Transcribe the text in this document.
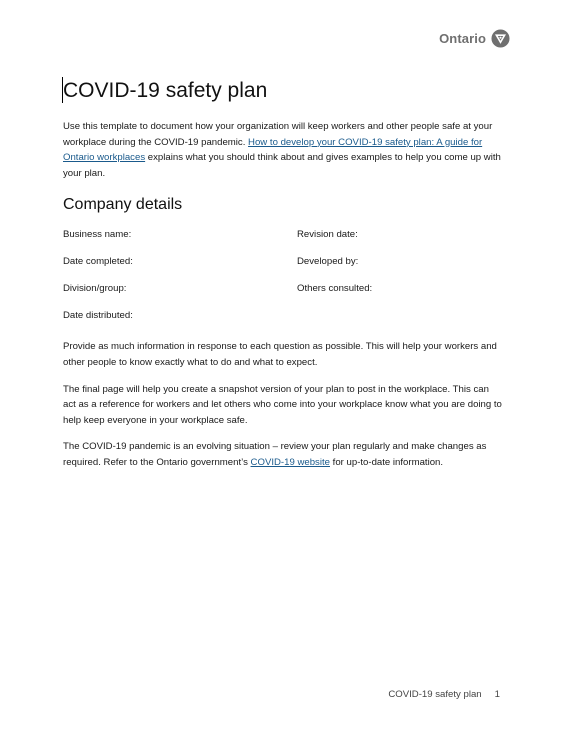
Ontario
COVID-19 safety plan

Use this template to document how your organization will keep workers and other people safe at your workplace during the COVID-19 pandemic. How to develop your COVID-19 safety plan: A guide for Ontario workplaces explains what you should think about and gives examples to help you come up with your plan.

Company details
Business name:	Revision date:
Date completed:	Developed by:
Division/group:	Others consulted:
Date distributed:

Provide as much information in response to each question as possible. This will help your workers and other people to know exactly what to do and what to expect.

The final page will help you create a snapshot version of your plan to post in the workplace. This can act as a reference for workers and let others who come into your workplace know what you are doing to help keep everyone in your workplace safe.

The COVID-19 pandemic is an evolving situation – review your plan regularly and make changes as required. Refer to the Ontario government’s COVID-19 website for up-to-date information.

COVID-19 safety plan 1
